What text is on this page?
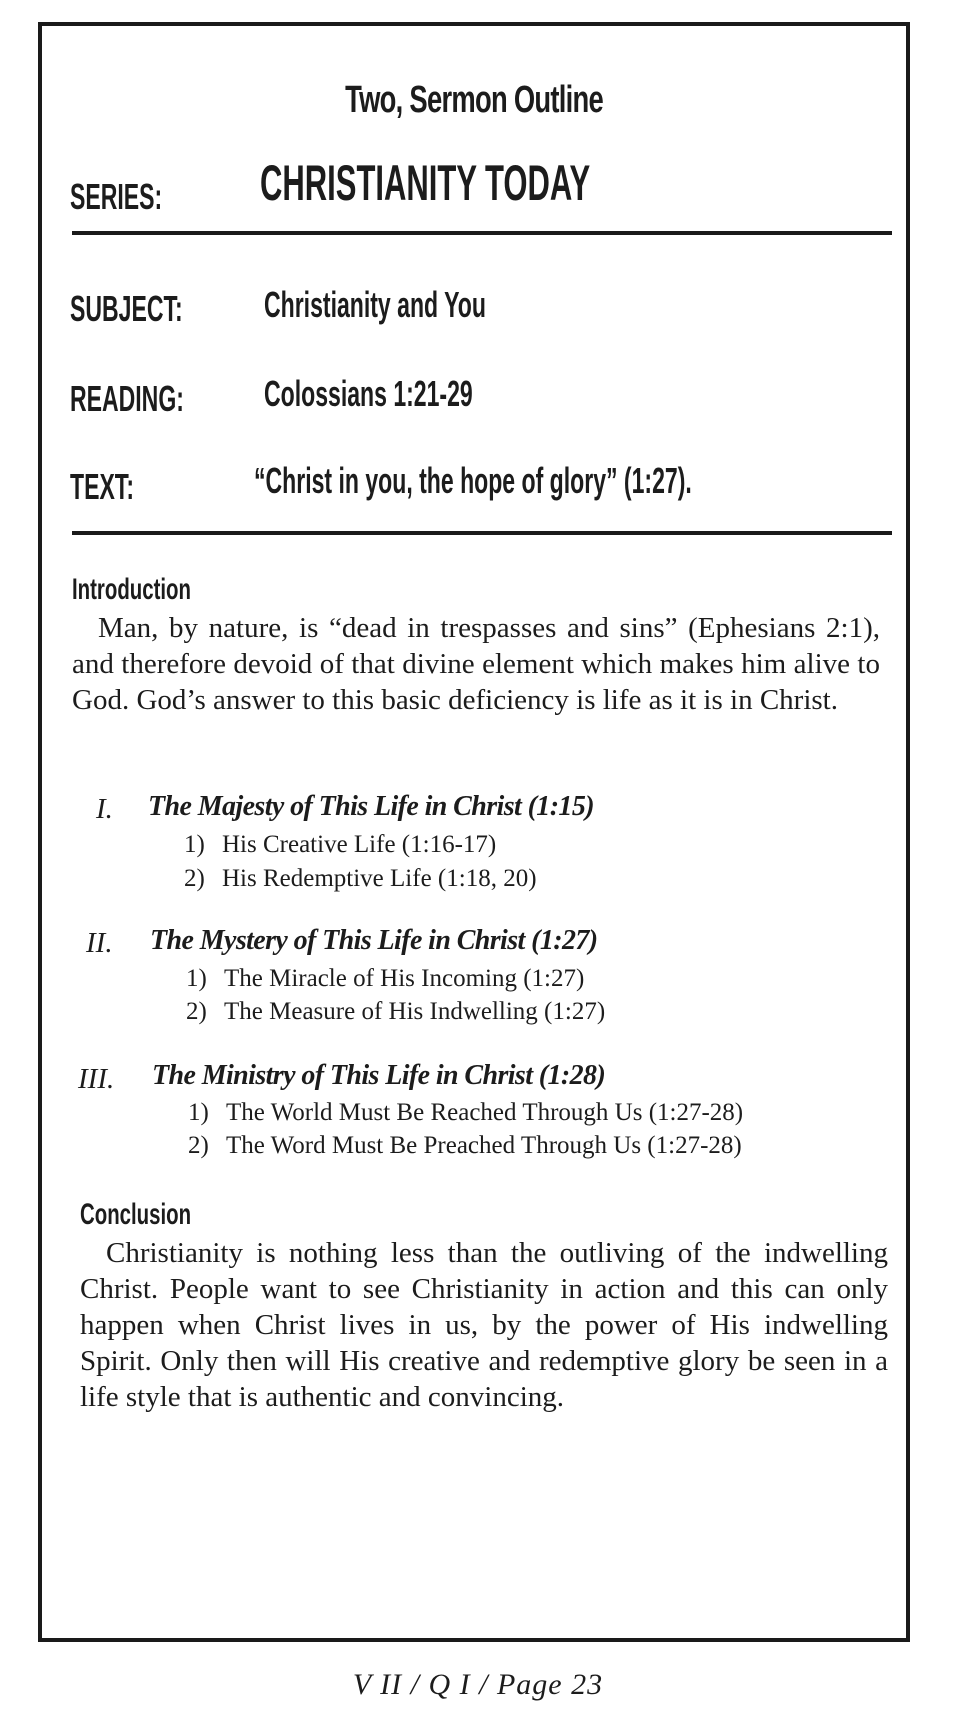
Two, Sermon Outline
SERIES:	CHRISTIANITY TODAY
SUBJECT:	Christianity and You
READING:	Colossians 1:21-29
TEXT:	“Christ in you, the hope of glory” (1:27).
Introduction
Man, by nature, is “dead in trespasses and sins” (Ephesians 2:1), and therefore devoid of that divine element which makes him alive to God. God’s answer to this basic deficiency is life as it is in Christ.
I. The Majesty of This Life in Christ (1:15)
1) His Creative Life (1:16-17)
2) His Redemptive Life (1:18, 20)
II. The Mystery of This Life in Christ (1:27)
1) The Miracle of His Incoming (1:27)
2) The Measure of His Indwelling (1:27)
III. The Ministry of This Life in Christ (1:28)
1) The World Must Be Reached Through Us (1:27-28)
2) The Word Must Be Preached Through Us (1:27-28)
Conclusion
Christianity is nothing less than the outliving of the indwelling Christ. People want to see Christianity in action and this can only happen when Christ lives in us, by the power of His indwelling Spirit. Only then will His creative and redemptive glory be seen in a life style that is authentic and convincing.
V II / Q I / Page 23
